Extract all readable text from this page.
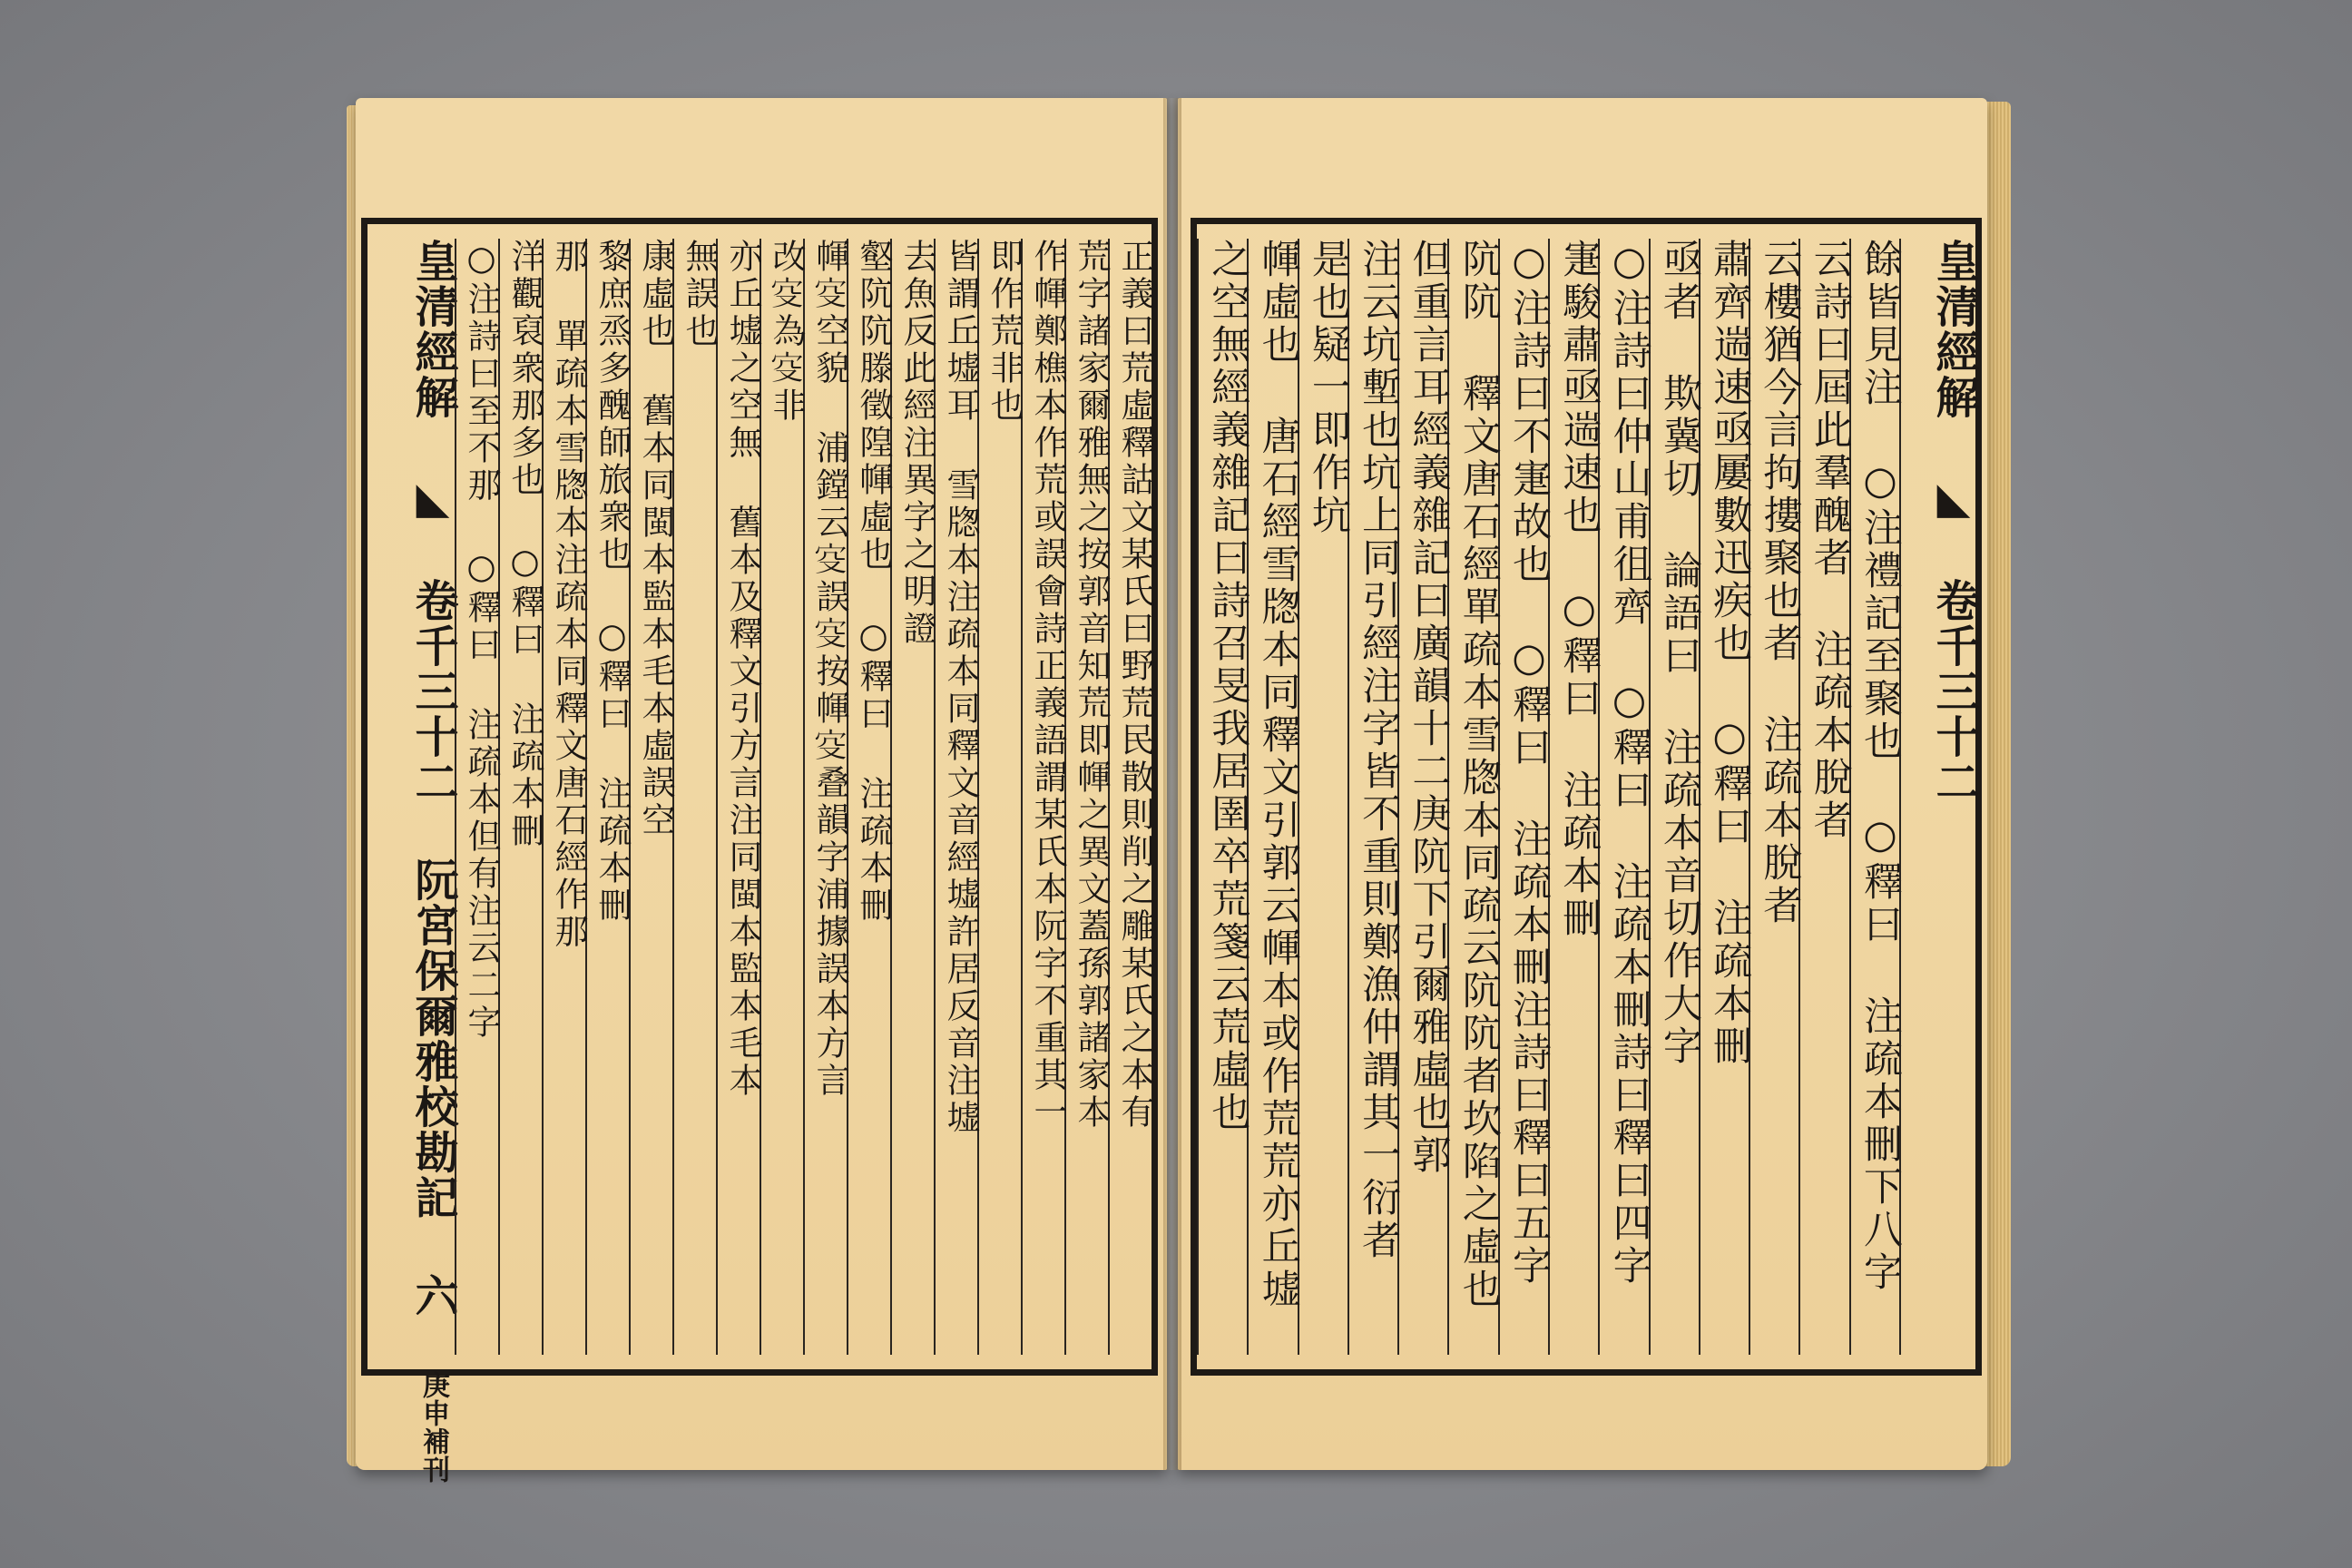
皇清經解 ◣ 卷千三十二 阮宮保爾雅校勘記 六 庚申補刊
正義曰荒虛釋詁文某氏曰野荒民散則削之雕某氏之本有
荒字諸家爾雅無之按郭音知荒即㡓之異文蓋孫郭諸家本
作㡓鄭樵本作荒或誤會詩正義語謂某氏本阮字不重其一
即作荒非也
皆謂丘墟耳 雪牎本注疏本同釋文音經墟許居反音注墟
去魚反此經注異字之明證
壑阬阬滕徵隍㡓虛也 ○釋曰 注疏本刪
㡓𡧔空貌 浦鏜云𡧔誤𡧔按㡓𡧔叠韻字浦據誤本方言
改𡧔為𡧔非
亦丘墟之空無 舊本及釋文引方言注同閩本監本毛本
無誤也
康虛也 舊本同閩本監本毛本虛誤空
黎庶烝多醜師旅衆也 ○釋曰 注疏本刪
那 單疏本雪牎本注疏本同釋文唐石經作那
洋觀裒衆那多也 ○釋曰 注疏本刪
○注詩曰至不那 ○釋曰 注疏本但有注云二字	餘皆見注 ○注禮記至聚也 ○釋曰 注疏本刪下八字
云詩曰屆此羣醜者 注疏本脫者
云樓猶今言拘摟聚也者 注疏本脫者
肅齊遄速亟屢數迅疾也 ○釋曰 注疏本刪
亟者 欺冀切 論語曰 注疏本音切作大字
○注詩曰仲山甫徂齊 ○釋曰 注疏本刪詩曰釋曰四字
寁駿肅亟遄速也 ○釋曰 注疏本刪
○注詩曰不寁故也 ○釋曰 注疏本刪注詩曰釋曰五字
阬阬 釋文唐石經單疏本雪牎本同疏云阬阬者坎陷之虛也
但重言耳經義雜記曰廣韻十二庚阬下引爾雅虛也郭
注云坑塹也坑上同引經注字皆不重則鄭漁仲謂其一衍者
是也疑一即作坑
㡓虛也 唐石經雪牎本同釋文引郭云㡓本或作荒荒亦丘墟
之空無經義雜記曰詩召旻我居圉卒荒箋云荒虛也	皇清經解 ◣ 卷千三十二
